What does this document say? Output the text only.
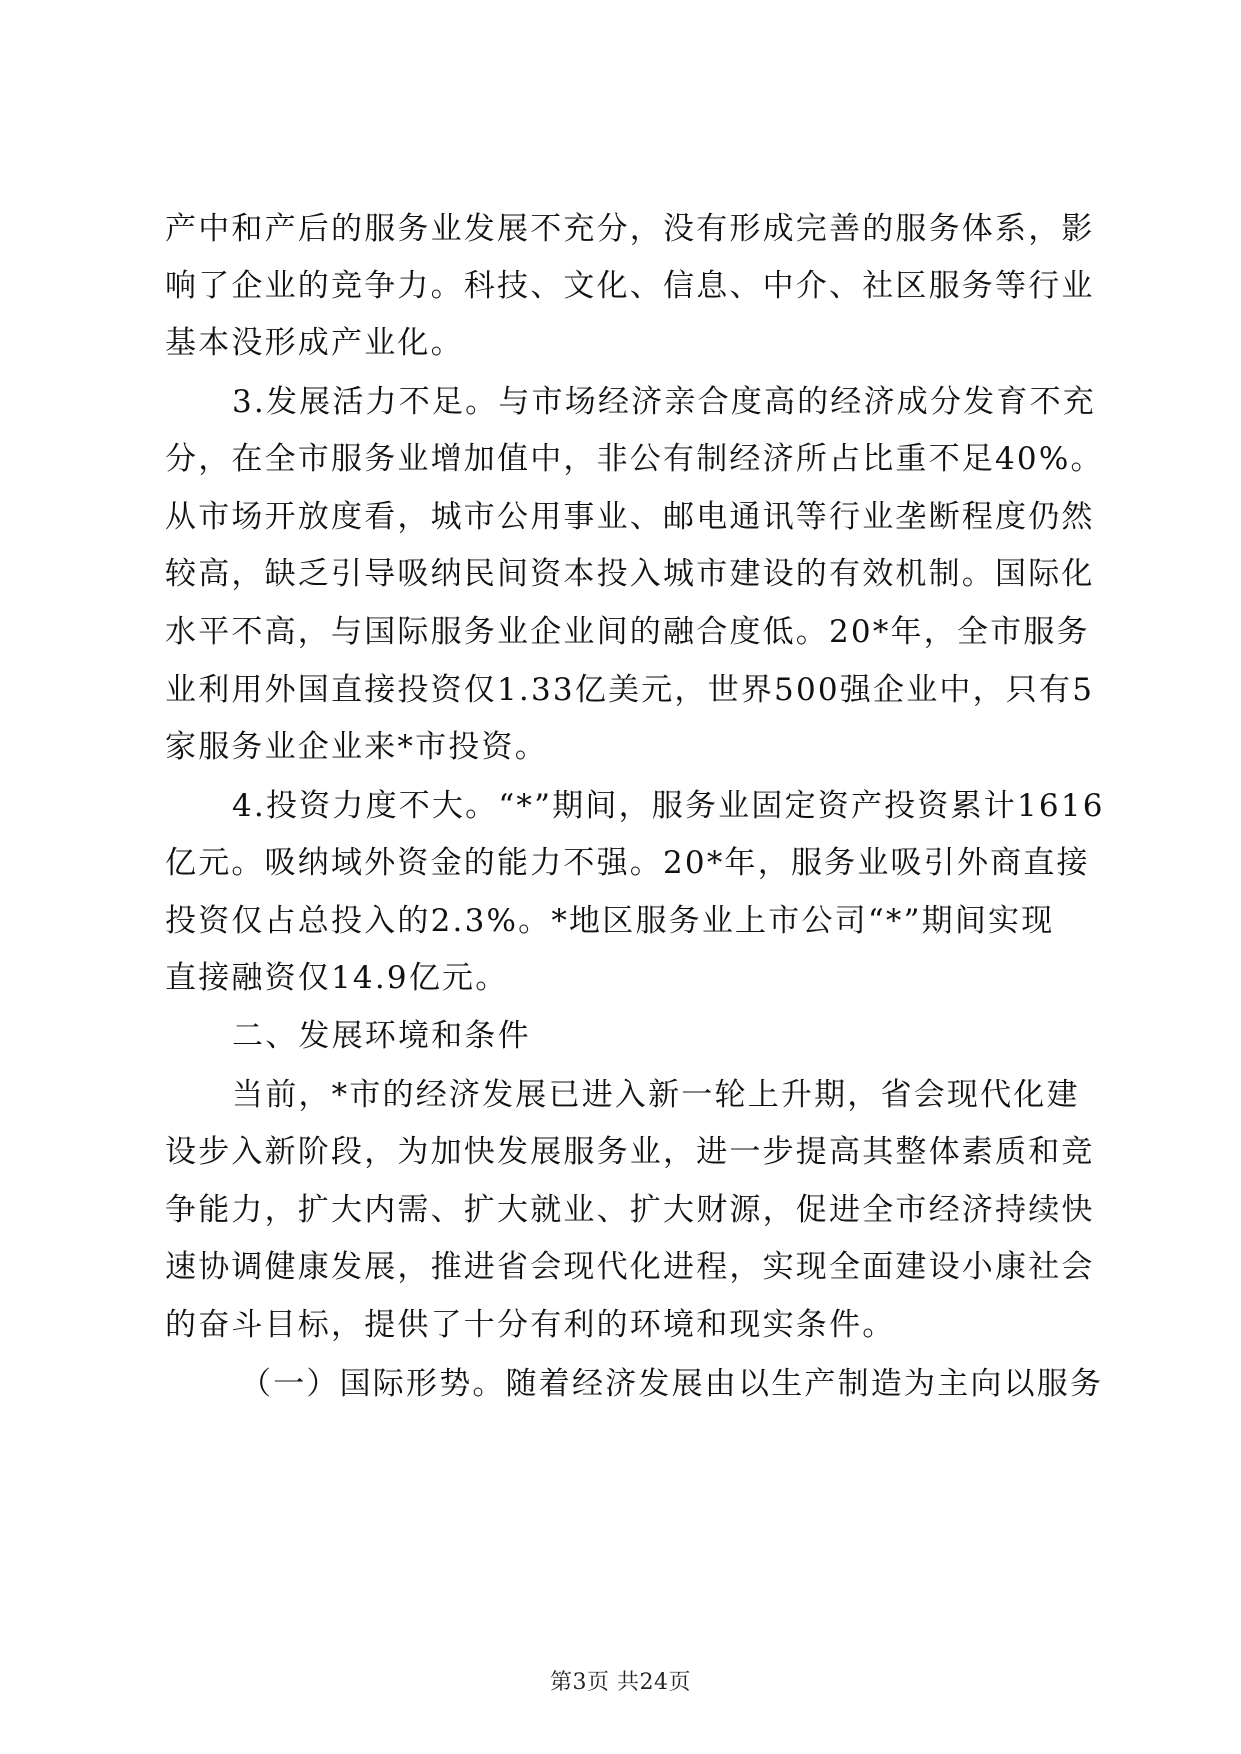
产中和产后的服务业发展不充分，没有形成完善的服务体系，影
响了企业的竞争力。科技、文化、信息、中介、社区服务等行业
基本没形成产业化。
3.发展活力不足。与市场经济亲合度高的经济成分发育不充
分，在全市服务业增加值中，非公有制经济所占比重不足40%。
从市场开放度看，城市公用事业、邮电通讯等行业垄断程度仍然
较高，缺乏引导吸纳民间资本投入城市建设的有效机制。国际化
水平不高，与国际服务业企业间的融合度低。20*年，全市服务
业利用外国直接投资仅1.33亿美元，世界500强企业中，只有5
家服务业企业来*市投资。
4.投资力度不大。“*”期间，服务业固定资产投资累计1616
亿元。吸纳域外资金的能力不强。20*年，服务业吸引外商直接
投资仅占总投入的2.3%。*地区服务业上市公司“*”期间实现
直接融资仅14.9亿元。
二、发展环境和条件
当前，*市的经济发展已进入新一轮上升期，省会现代化建
设步入新阶段，为加快发展服务业，进一步提高其整体素质和竞
争能力，扩大内需、扩大就业、扩大财源，促进全市经济持续快
速协调健康发展，推进省会现代化进程，实现全面建设小康社会
的奋斗目标，提供了十分有利的环境和现实条件。
（一）国际形势。随着经济发展由以生产制造为主向以服务
第3页 共24页
